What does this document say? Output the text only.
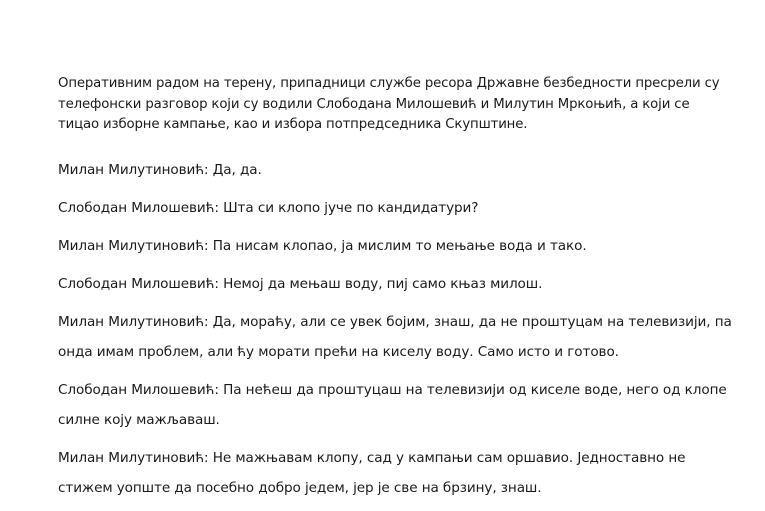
Оперативним радом на терену, припадници службе ресора Државне безбедности пресрели су
телефонски разговор који су водили Слободана Милошевић и Милутин Мркоњић, а који се
тицао изборне кампање, као и избора потпредседника Скупштине.
Милан Милутиновић: Да, да.
Слободан Милошевић: Шта си клопо јуче по кандидатури?
Милан Милутиновић: Па нисам клопао, ја мислим то мењање вода и тако.
Слободан Милошевић: Немој да мењаш воду, пиј само књаз милош.
Милан Милутиновић: Да, мораћу, али се увек бојим, знаш, да не проштуцам на телевизији, па
онда имам проблем, али ћу морати прећи на киселу воду. Само исто и готово.
Слободан Милошевић: Па нећеш да проштуцаш на телевизији од киселе воде, него од клопе
силне коју мажљаваш.
Милан Милутиновић: Не мажњавам клопу, сад у кампањи сам оршавио. Једноставно не
стижем уопште да посебно добро једем, јер је све на брзину, знаш.
